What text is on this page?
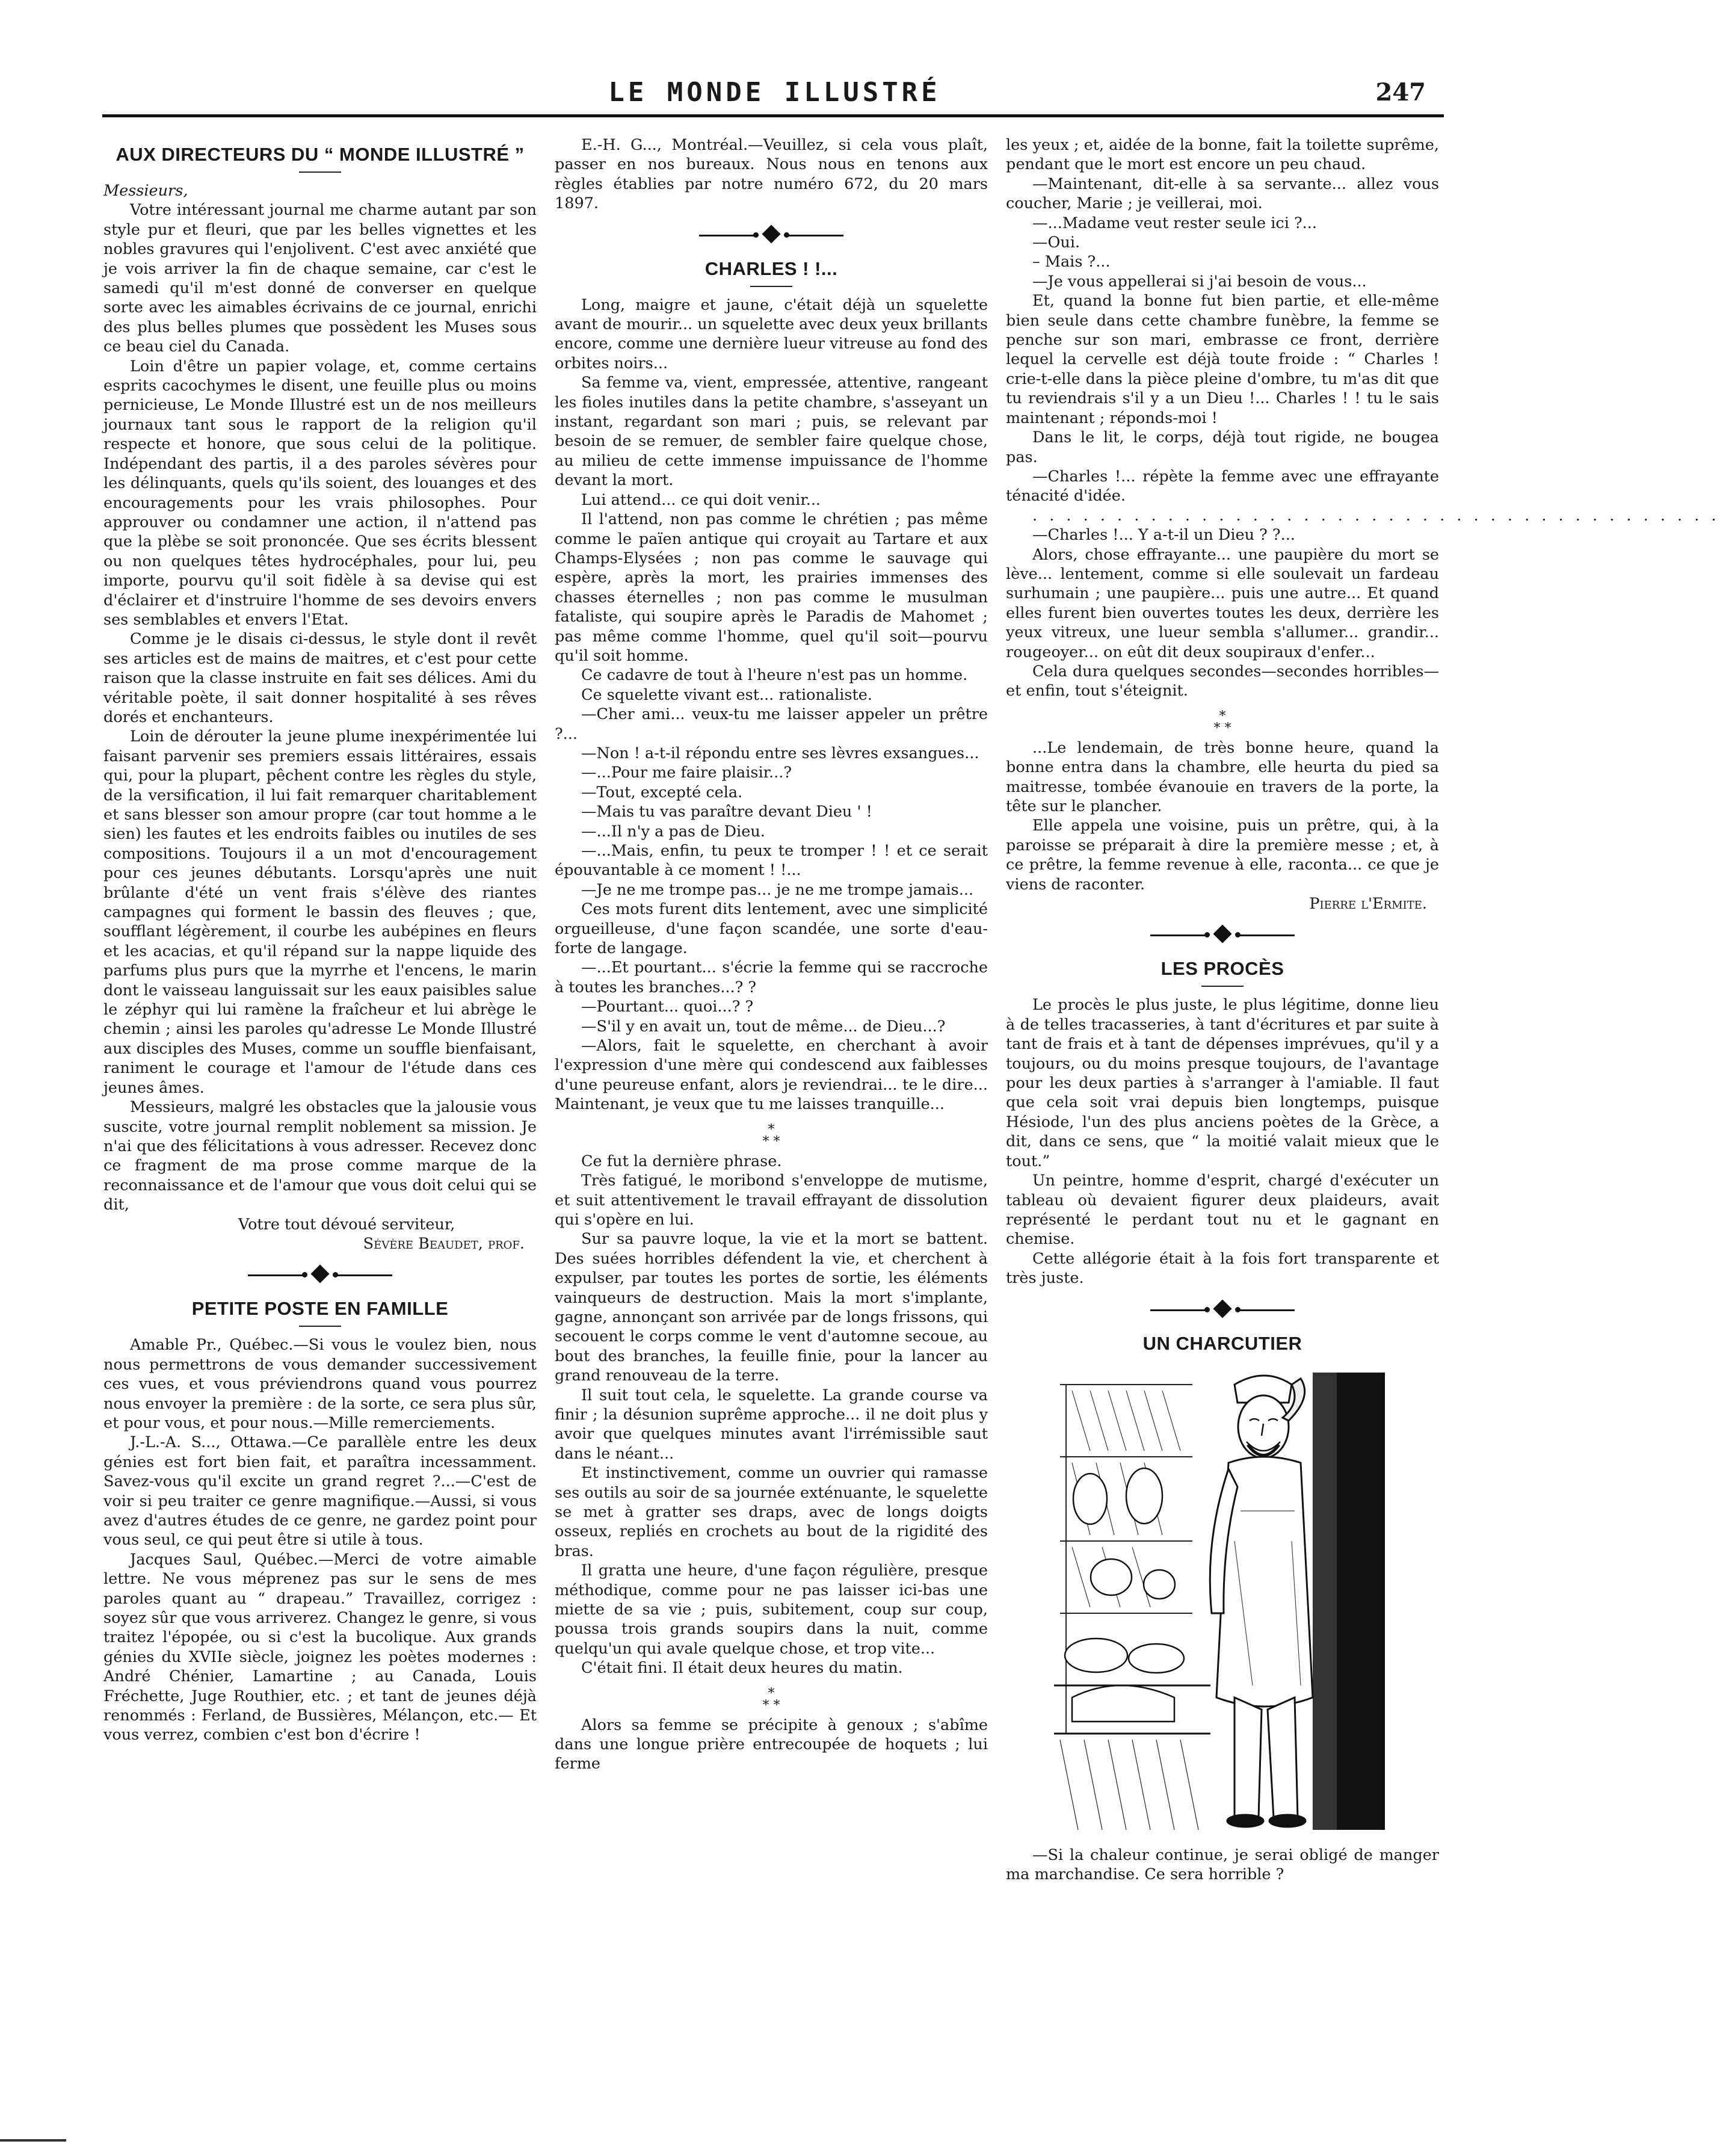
LE MONDE ILLUSTRÉ	247
AUX DIRECTEURS DU “ MONDE ILLUSTRÉ ”

Messieurs,

Votre intéressant journal me charme autant par son style pur et fleuri, que par les belles vignettes et les nobles gravures qui l'enjolivent. C'est avec anxiété que je vois arriver la fin de chaque semaine, car c'est le samedi qu'il m'est donné de converser en quelque sorte avec les aimables écrivains de ce journal, enrichi des plus belles plumes que possèdent les Muses sous ce beau ciel du Canada.

Loin d'être un papier volage, et, comme certains esprits cacochymes le disent, une feuille plus ou moins pernicieuse, Le Monde Illustré est un de nos meilleurs journaux tant sous le rapport de la religion qu'il respecte et honore, que sous celui de la politique. Indépendant des partis, il a des paroles sévères pour les délinquants, quels qu'ils soient, des louanges et des encouragements pour les vrais philosophes. Pour approuver ou condamner une action, il n'attend pas que la plèbe se soit prononcée. Que ses écrits blessent ou non quelques têtes hydrocéphales, pour lui, peu importe, pourvu qu'il soit fidèle à sa devise qui est d'éclairer et d'instruire l'homme de ses devoirs envers ses semblables et envers l'Etat.

Comme je le disais ci-dessus, le style dont il revêt ses articles est de mains de maitres, et c'est pour cette raison que la classe instruite en fait ses délices. Ami du véritable poète, il sait donner hospitalité à ses rêves dorés et enchanteurs.

Loin de dérouter la jeune plume inexpérimentée lui faisant parvenir ses premiers essais littéraires, essais qui, pour la plupart, pêchent contre les règles du style, de la versification, il lui fait remarquer charitablement et sans blesser son amour propre (car tout homme a le sien) les fautes et les endroits faibles ou inutiles de ses compositions. Toujours il a un mot d'encouragement pour ces jeunes débutants. Lorsqu'après une nuit brûlante d'été un vent frais s'élève des riantes campagnes qui forment le bassin des fleuves ; que, soufflant légèrement, il courbe les aubépines en fleurs et les acacias, et qu'il répand sur la nappe liquide des parfums plus purs que la myrrhe et l'encens, le marin dont le vaisseau languissait sur les eaux paisibles salue le zéphyr qui lui ramène la fraîcheur et lui abrège le chemin ; ainsi les paroles qu'adresse Le Monde Illustré aux disciples des Muses, comme un souffle bienfaisant, raniment le courage et l'amour de l'étude dans ces jeunes âmes.

Messieurs, malgré les obstacles que la jalousie vous suscite, votre journal remplit noblement sa mission. Je n'ai que des félicitations à vous adresser. Recevez donc ce fragment de ma prose comme marque de la reconnaissance et de l'amour que vous doit celui qui se dit,

Votre tout dévoué serviteur,

Sévère Beaudet, prof.

PETITE POSTE EN FAMILLE

Amable Pr., Québec.—Si vous le voulez bien, nous nous permettrons de vous demander successivement ces vues, et vous préviendrons quand vous pourrez nous envoyer la première : de la sorte, ce sera plus sûr, et pour vous, et pour nous.—Mille remerciements.

J.-L.-A. S..., Ottawa.—Ce parallèle entre les deux génies est fort bien fait, et paraîtra incessamment. Savez-vous qu'il excite un grand regret ?...—C'est de voir si peu traiter ce genre magnifique.—Aussi, si vous avez d'autres études de ce genre, ne gardez point pour vous seul, ce qui peut être si utile à tous.

Jacques Saul, Québec.—Merci de votre aimable lettre. Ne vous méprenez pas sur le sens de mes paroles quant au “ drapeau.” Travaillez, corrigez : soyez sûr que vous arriverez. Changez le genre, si vous traitez l'épopée, ou si c'est la bucolique. Aux grands génies du XVIIe siècle, joignez les poètes modernes : André Chénier, Lamartine ; au Canada, Louis Fréchette, Juge Routhier, etc. ; et tant de jeunes déjà renommés : Ferland, de Bussières, Mélançon, etc.— Et vous verrez, combien c'est bon d'écrire !

E.-H. G..., Montréal.—Veuillez, si cela vous plaît, passer en nos bureaux. Nous nous en tenons aux règles établies par notre numéro 672, du 20 mars 1897.

CHARLES ! !...

Long, maigre et jaune, c'était déjà un squelette avant de mourir... un squelette avec deux yeux brillants encore, comme une dernière lueur vitreuse au fond des orbites noirs...

Sa femme va, vient, empressée, attentive, rangeant les fioles inutiles dans la petite chambre, s'asseyant un instant, regardant son mari ; puis, se relevant par besoin de se remuer, de sembler faire quelque chose, au milieu de cette immense impuissance de l'homme devant la mort.

Lui attend... ce qui doit venir...

Il l'attend, non pas comme le chrétien ; pas même comme le païen antique qui croyait au Tartare et aux Champs-Elysées ; non pas comme le sauvage qui espère, après la mort, les prairies immenses des chasses éternelles ; non pas comme le musulman fataliste, qui soupire après le Paradis de Mahomet ; pas même comme l'homme, quel qu'il soit—pourvu qu'il soit homme.

Ce cadavre de tout à l'heure n'est pas un homme.

Ce squelette vivant est... rationaliste.

—Cher ami... veux-tu me laisser appeler un prêtre ?...

—Non ! a-t-il répondu entre ses lèvres exsangues...

—...Pour me faire plaisir...?

—Tout, excepté cela.

—Mais tu vas paraître devant Dieu ' !

—...Il n'y a pas de Dieu.

—...Mais, enfin, tu peux te tromper ! ! et ce serait épouvantable à ce moment ! !...

—Je ne me trompe pas... je ne me trompe jamais...

Ces mots furent dits lentement, avec une simplicité orgueilleuse, d'une façon scandée, une sorte d'eau-forte de langage.

—...Et pourtant... s'écrie la femme qui se raccroche à toutes les branches...? ?

—Pourtant... quoi...? ?

—S'il y en avait un, tout de même... de Dieu...?

—Alors, fait le squelette, en cherchant à avoir l'expression d'une mère qui condescend aux faiblesses d'une peureuse enfant, alors je reviendrai... te le dire... Maintenant, je veux que tu me laisses tranquille...

*
* *

Ce fut la dernière phrase.

Très fatigué, le moribond s'enveloppe de mutisme, et suit attentivement le travail effrayant de dissolution qui s'opère en lui.

Sur sa pauvre loque, la vie et la mort se battent. Des suées horribles défendent la vie, et cherchent à expulser, par toutes les portes de sortie, les éléments vainqueurs de destruction. Mais la mort s'implante, gagne, annonçant son arrivée par de longs frissons, qui secouent le corps comme le vent d'automne secoue, au bout des branches, la feuille finie, pour la lancer au grand renouveau de la terre.

Il suit tout cela, le squelette. La grande course va finir ; la désunion suprême approche... il ne doit plus y avoir que quelques minutes avant l'irrémissible saut dans le néant...

Et instinctivement, comme un ouvrier qui ramasse ses outils au soir de sa journée exténuante, le squelette se met à gratter ses draps, avec de longs doigts osseux, repliés en crochets au bout de la rigidité des bras.

Il gratta une heure, d'une façon régulière, presque méthodique, comme pour ne pas laisser ici-bas une miette de sa vie ; puis, subitement, coup sur coup, poussa trois grands soupirs dans la nuit, comme quelqu'un qui avale quelque chose, et trop vite...

C'était fini. Il était deux heures du matin.

*
* *

Alors sa femme se précipite à genoux ; s'abîme dans une longue prière entrecoupée de hoquets ; lui ferme

les yeux ; et, aidée de la bonne, fait la toilette suprême, pendant que le mort est encore un peu chaud.

—Maintenant, dit-elle à sa servante... allez vous coucher, Marie ; je veillerai, moi.

—...Madame veut rester seule ici ?...

—Oui.

– Mais ?...

—Je vous appellerai si j'ai besoin de vous...

Et, quand la bonne fut bien partie, et elle-même bien seule dans cette chambre funèbre, la femme se penche sur son mari, embrasse ce front, derrière lequel la cervelle est déjà toute froide : “ Charles ! crie-t-elle dans la pièce pleine d'ombre, tu m'as dit que tu reviendrais s'il y a un Dieu !... Charles ! ! tu le sais maintenant ; réponds-moi !

Dans le lit, le corps, déjà tout rigide, ne bougea pas.

—Charles !... répète la femme avec une effrayante ténacité d'idée.

. . . . . . . . . . . . . . . . . . . . . . . . . . . . . . . . . . . . . . . . .

—Charles !... Y a-t-il un Dieu ? ?...

Alors, chose effrayante... une paupière du mort se lève... lentement, comme si elle soulevait un fardeau surhumain ; une paupière... puis une autre... Et quand elles furent bien ouvertes toutes les deux, derrière les yeux vitreux, une lueur sembla s'allumer... grandir... rougeoyer... on eût dit deux soupiraux d'enfer...

Cela dura quelques secondes—secondes horribles—et enfin, tout s'éteignit.

*
* *

...Le lendemain, de très bonne heure, quand la bonne entra dans la chambre, elle heurta du pied sa maitresse, tombée évanouie en travers de la porte, la tête sur le plancher.

Elle appela une voisine, puis un prêtre, qui, à la paroisse se préparait à dire la première messe ; et, à ce prêtre, la femme revenue à elle, raconta... ce que je viens de raconter.

Pierre l'Ermite.

LES PROCÈS

Le procès le plus juste, le plus légitime, donne lieu à de telles tracasseries, à tant d'écritures et par suite à tant de frais et à tant de dépenses imprévues, qu'il y a toujours, ou du moins presque toujours, de l'avantage pour les deux parties à s'arranger à l'amiable. Il faut que cela soit vrai depuis bien longtemps, puisque Hésiode, l'un des plus anciens poètes de la Grèce, a dit, dans ce sens, que “ la moitié valait mieux que le tout.”

Un peintre, homme d'esprit, chargé d'exécuter un tableau où devaient figurer deux plaideurs, avait représenté le perdant tout nu et le gagnant en chemise.

Cette allégorie était à la fois fort transparente et très juste.

UN CHARCUTIER

—Si la chaleur continue, je serai obligé de manger ma marchandise. Ce sera horrible ?
